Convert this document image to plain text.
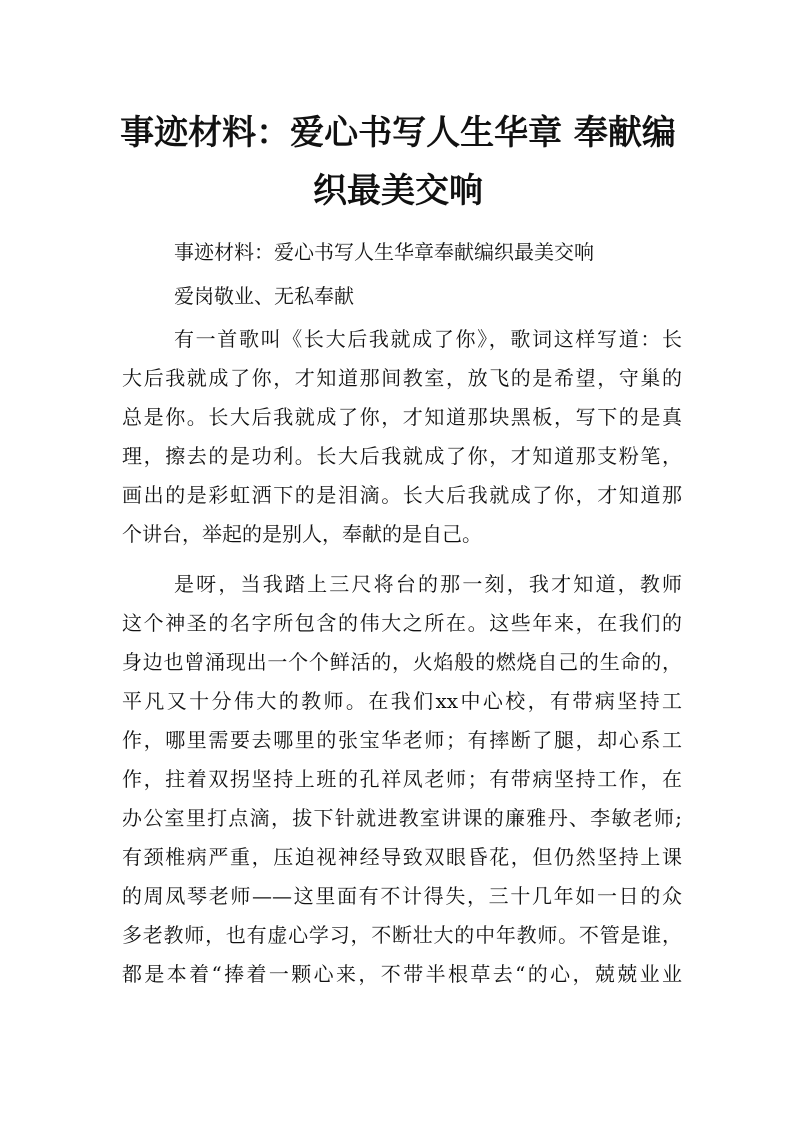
事迹材料：爱心书写人生华章 奉献编
织最美交响
事迹材料：爱心书写人生华章奉献编织最美交响
爱岗敬业、无私奉献
有一首歌叫《长大后我就成了你》，歌词这样写道：长
大后我就成了你，才知道那间教室，放飞的是希望，守巢的
总是你。长大后我就成了你，才知道那块黑板，写下的是真
理，擦去的是功利。长大后我就成了你，才知道那支粉笔，
画出的是彩虹洒下的是泪滴。长大后我就成了你，才知道那
个讲台，举起的是别人，奉献的是自己。
是呀，当我踏上三尺将台的那一刻，我才知道，教师
这个神圣的名字所包含的伟大之所在。这些年来，在我们的
身边也曾涌现出一个个鲜活的，火焰般的燃烧自己的生命的，
平凡又十分伟大的教师。在我们xx中心校，有带病坚持工
作，哪里需要去哪里的张宝华老师；有摔断了腿，却心系工
作，拄着双拐坚持上班的孔祥凤老师；有带病坚持工作，在
办公室里打点滴，拔下针就进教室讲课的廉雅丹、李敏老师;
有颈椎病严重，压迫视神经导致双眼昏花，但仍然坚持上课
的周凤琴老师——这里面有不计得失，三十几年如一日的众
多老教师，也有虚心学习，不断壮大的中年教师。不管是谁，
都是本着“捧着一颗心来，不带半根草去“的心，兢兢业业
